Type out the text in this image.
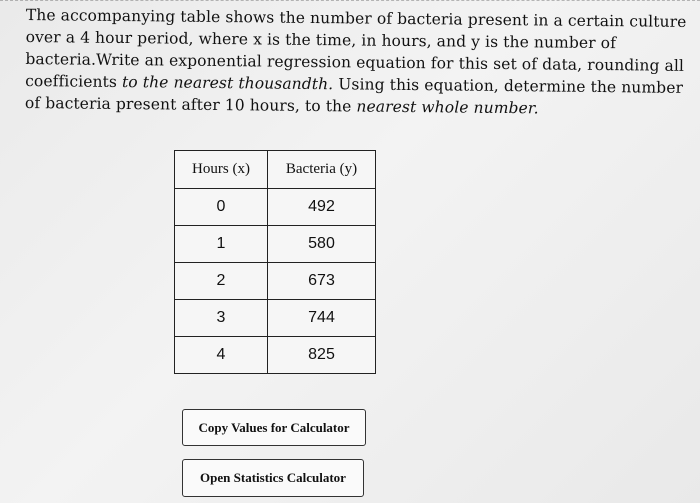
The accompanying table shows the number of bacteria present in a certain culture over a 4 hour period, where x is the time, in hours, and y is the number of bacteria.Write an exponential regression equation for this set of data, rounding all coefficients to the nearest thousandth. Using this equation, determine the number of bacteria present after 10 hours, to the nearest whole number.

Hours (x)	Bacteria (y)
0	492
1	580
2	673
3	744
4	825
Copy Values for Calculator
Open Statistics Calculator
